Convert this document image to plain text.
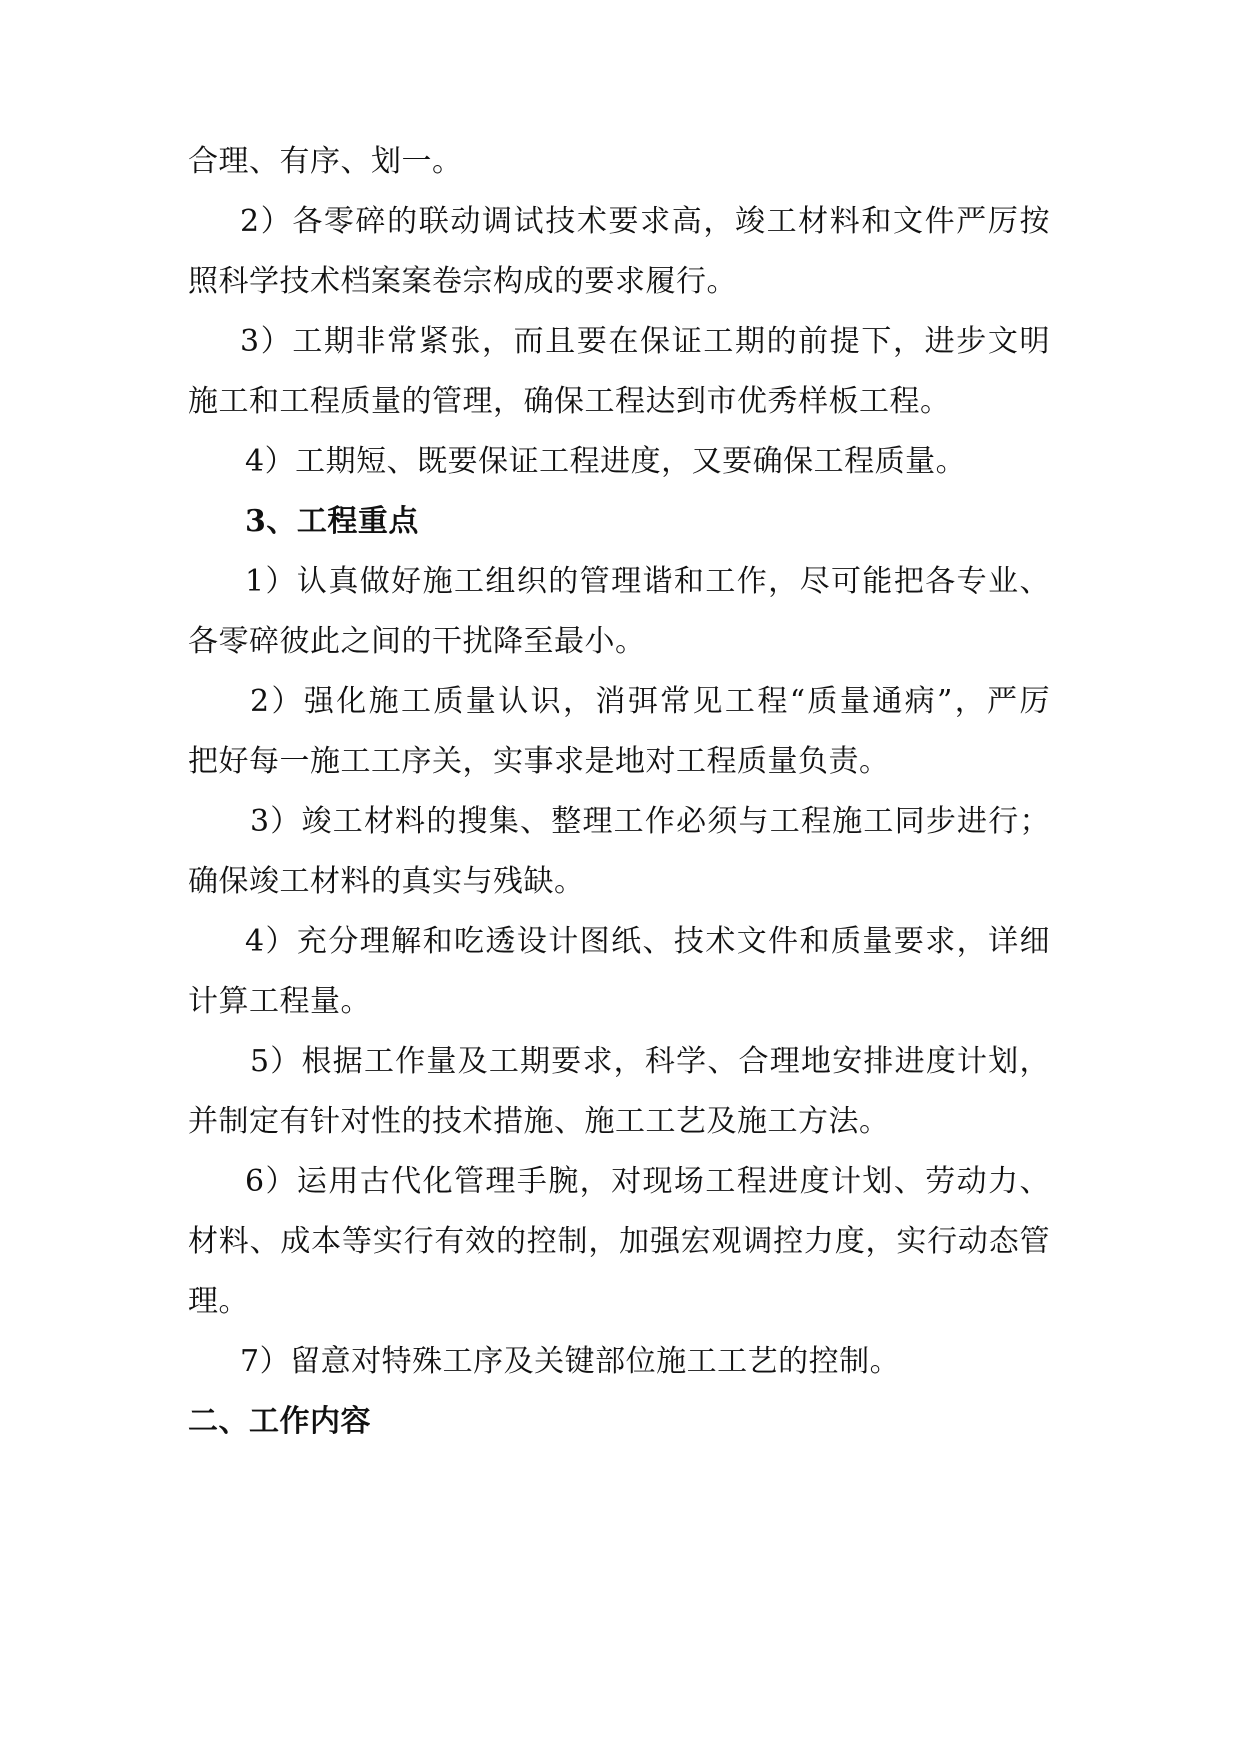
合理、有序、划一。
2）各零碎的联动调试技术要求高，竣工材料和文件严厉按
照科学技术档案案卷宗构成的要求履行。
3）工期非常紧张，而且要在保证工期的前提下，进步文明
施工和工程质量的管理，确保工程达到市优秀样板工程。
4）工期短、既要保证工程进度，又要确保工程质量。
3、工程重点
1）认真做好施工组织的管理谐和工作，尽可能把各专业、
各零碎彼此之间的干扰降至最小。
2）强化施工质量认识，消弭常见工程“质量通病”，严厉
把好每一施工工序关，实事求是地对工程质量负责。
3）竣工材料的搜集、整理工作必须与工程施工同步进行；
确保竣工材料的真实与残缺。
4）充分理解和吃透设计图纸、技术文件和质量要求，详细
计算工程量。
5）根据工作量及工期要求，科学、合理地安排进度计划，
并制定有针对性的技术措施、施工工艺及施工方法。
6）运用古代化管理手腕，对现场工程进度计划、劳动力、
材料、成本等实行有效的控制，加强宏观调控力度，实行动态管
理。
7）留意对特殊工序及关键部位施工工艺的控制。
二、工作内容
